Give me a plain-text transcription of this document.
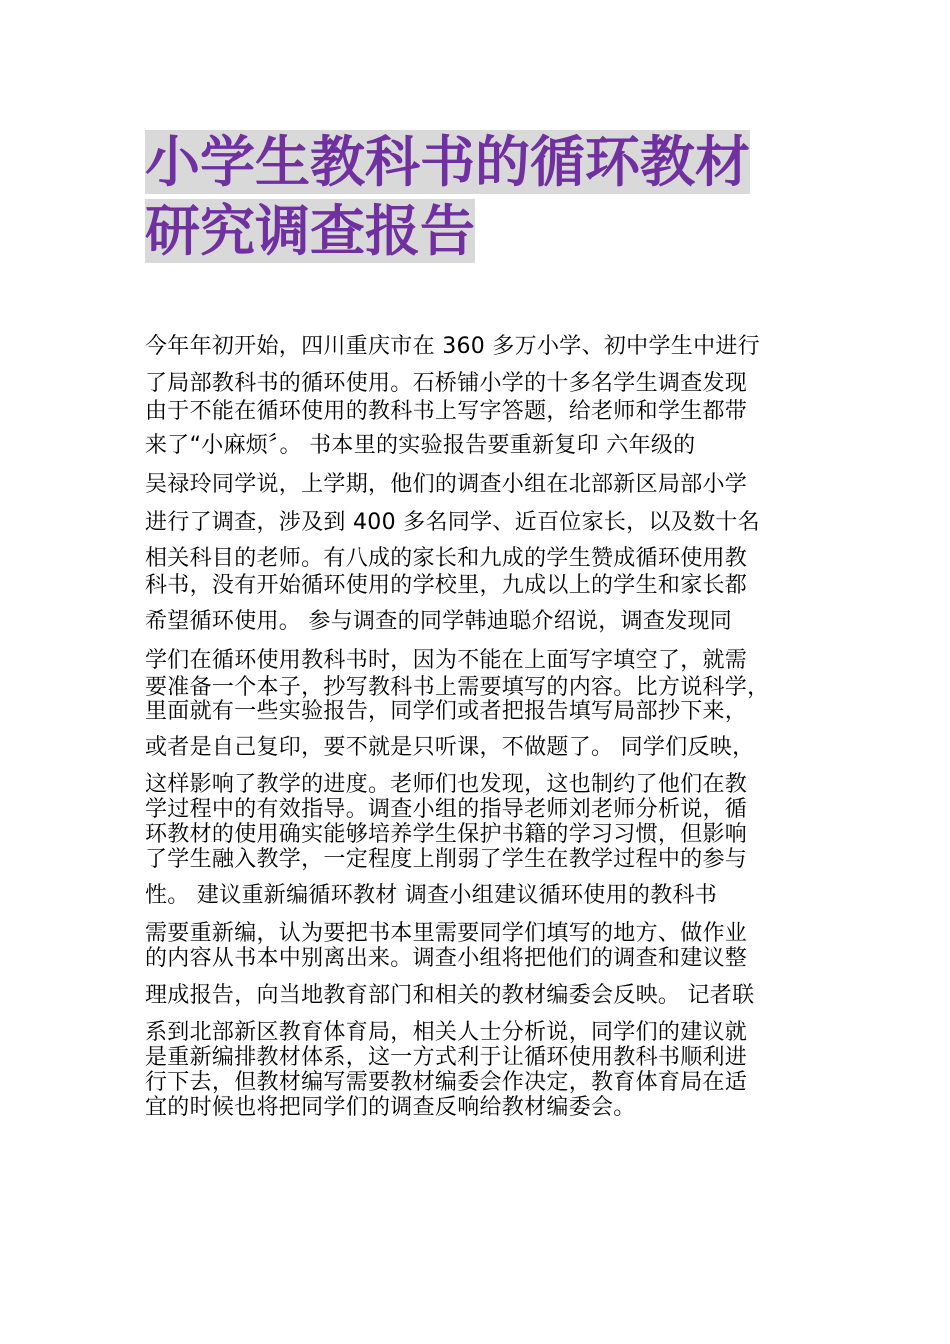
小学生教科书的循环教材
研究调查报告

今年年初开始，四川重庆市在 360 多万小学、初中学生中进行

了局部教科书的循环使用。石桥铺小学的十多名学生调查发现

由于不能在循环使用的教科书上写字答题，给老师和学生都带

来了“小麻烦〞。 书本里的实验报告要重新复印 六年级的

吴禄玲同学说，上学期，他们的调查小组在北部新区局部小学

进行了调查，涉及到 400 多名同学、近百位家长，以及数十名

相关科目的老师。有八成的家长和九成的学生赞成循环使用教

科书，没有开始循环使用的学校里，九成以上的学生和家长都

希望循环使用。 参与调查的同学韩迪聪介绍说，调查发现同

学们在循环使用教科书时，因为不能在上面写字填空了，就需

要准备一个本子，抄写教科书上需要填写的内容。比方说科学，

里面就有一些实验报告，同学们或者把报告填写局部抄下来，

或者是自己复印，要不就是只听课，不做题了。 同学们反映，

这样影响了教学的进度。老师们也发现，这也制约了他们在教

学过程中的有效指导。调查小组的指导老师刘老师分析说，循

环教材的使用确实能够培养学生保护书籍的学习习惯，但影响

了学生融入教学，一定程度上削弱了学生在教学过程中的参与

性。 建议重新编循环教材 调查小组建议循环使用的教科书

需要重新编，认为要把书本里需要同学们填写的地方、做作业

的内容从书本中别离出来。调查小组将把他们的调查和建议整

理成报告，向当地教育部门和相关的教材编委会反映。 记者联

系到北部新区教育体育局，相关人士分析说，同学们的建议就

是重新编排教材体系，这一方式利于让循环使用教科书顺利进

行下去，但教材编写需要教材编委会作决定，教育体育局在适

宜的时候也将把同学们的调查反响给教材编委会。
